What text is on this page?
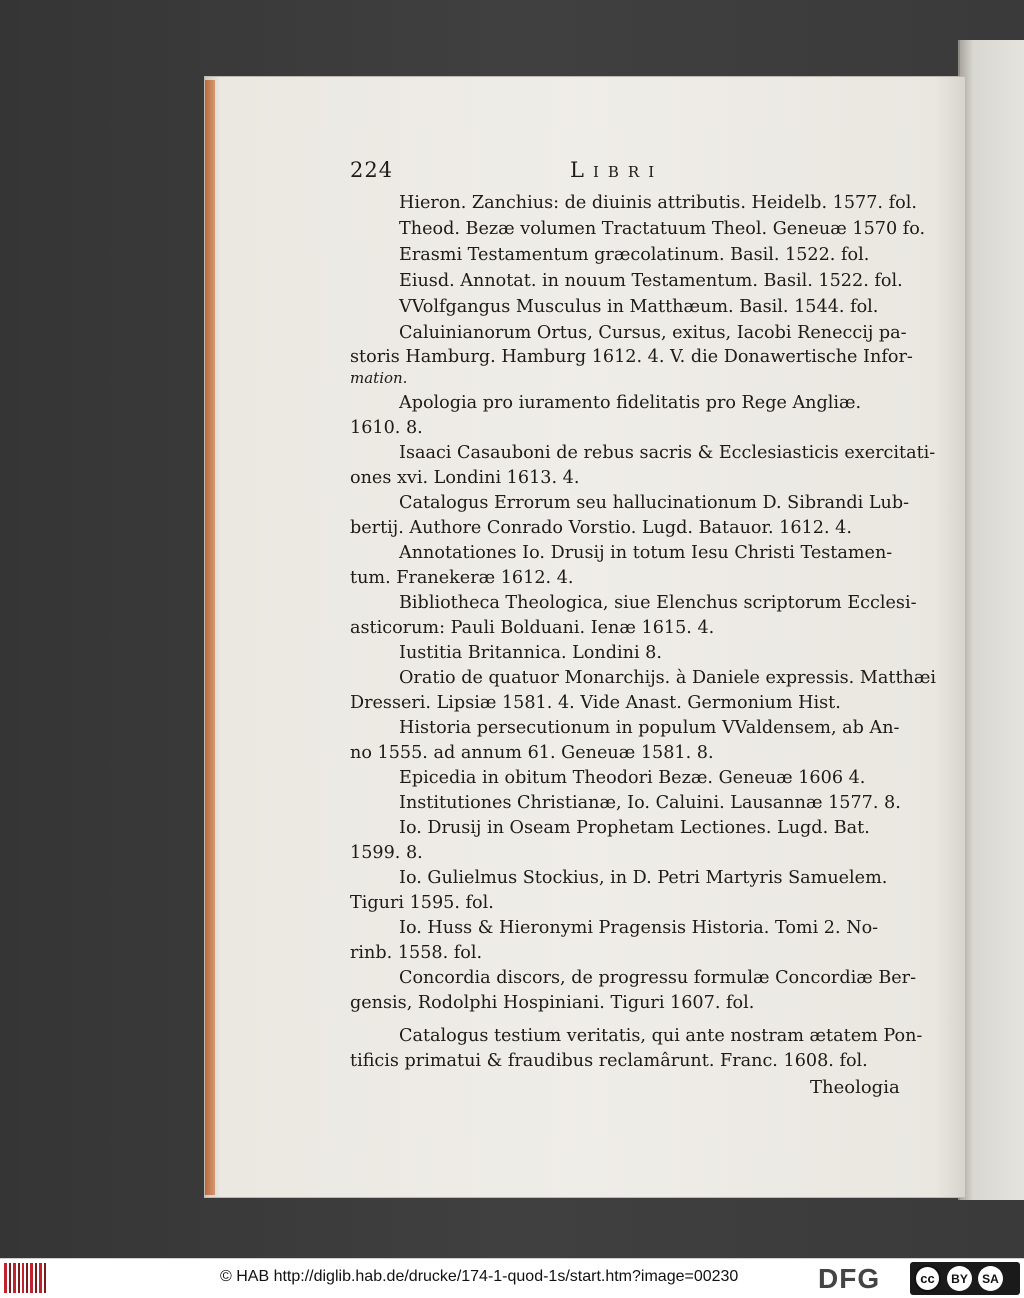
224	Libri
Hieron. Zanchius: de diuinis attributis. Heidelb. 1577. fol.
Theod. Bezæ volumen Tractatuum Theol. Geneuæ 1570 fo.
Erasmi Testamentum græcolatinum. Basil. 1522. fol.
Eiusd. Annotat. in nouum Testamentum. Basil. 1522. fol.
VVolfgangus Musculus in Matthæum. Basil. 1544. fol.
Caluinianorum Ortus, Cursus, exitus, Iacobi Reneccij pa-
storis Hamburg. Hamburg 1612. 4. V. die Donawertische Infor-
mation.
Apologia pro iuramento fidelitatis pro Rege Angliæ.
1610. 8.
Isaaci Casauboni de rebus sacris & Ecclesiasticis exercitati-
ones xvi. Londini 1613. 4.
Catalogus Errorum seu hallucinationum D. Sibrandi Lub-
bertij. Authore Conrado Vorstio. Lugd. Batauor. 1612. 4.
Annotationes Io. Drusij in totum Iesu Christi Testamen-
tum. Franekeræ 1612. 4.
Bibliotheca Theologica, siue Elenchus scriptorum Ecclesi-
asticorum: Pauli Bolduani. Ienæ 1615. 4.
Iustitia Britannica. Londini 8.
Oratio de quatuor Monarchijs. à Daniele expressis. Matthæi
Dresseri. Lipsiæ 1581. 4. Vide Anast. Germonium Hist.
Historia persecutionum in populum VValdensem, ab An-
no 1555. ad annum 61. Geneuæ 1581. 8.
Epicedia in obitum Theodori Bezæ. Geneuæ 1606 4.
Institutiones Christianæ, Io. Caluini. Lausannæ 1577. 8.
Io. Drusij in Oseam Prophetam Lectiones. Lugd. Bat.
1599. 8.
Io. Gulielmus Stockius, in D. Petri Martyris Samuelem.
Tiguri 1595. fol.
Io. Huss & Hieronymi Pragensis Historia. Tomi 2. No-
rinb. 1558. fol.
Concordia discors, de progressu formulæ Concordiæ Ber-
gensis, Rodolphi Hospiniani. Tiguri 1607. fol.
Catalogus testium veritatis, qui ante nostram ætatem Pon-
tificis primatui & fraudibus reclamârunt. Franc. 1608. fol.
Theologia
© HAB http://diglib.hab.de/drucke/174-1-quod-1s/start.htm?image=00230	DFG	cc	BY	SA
